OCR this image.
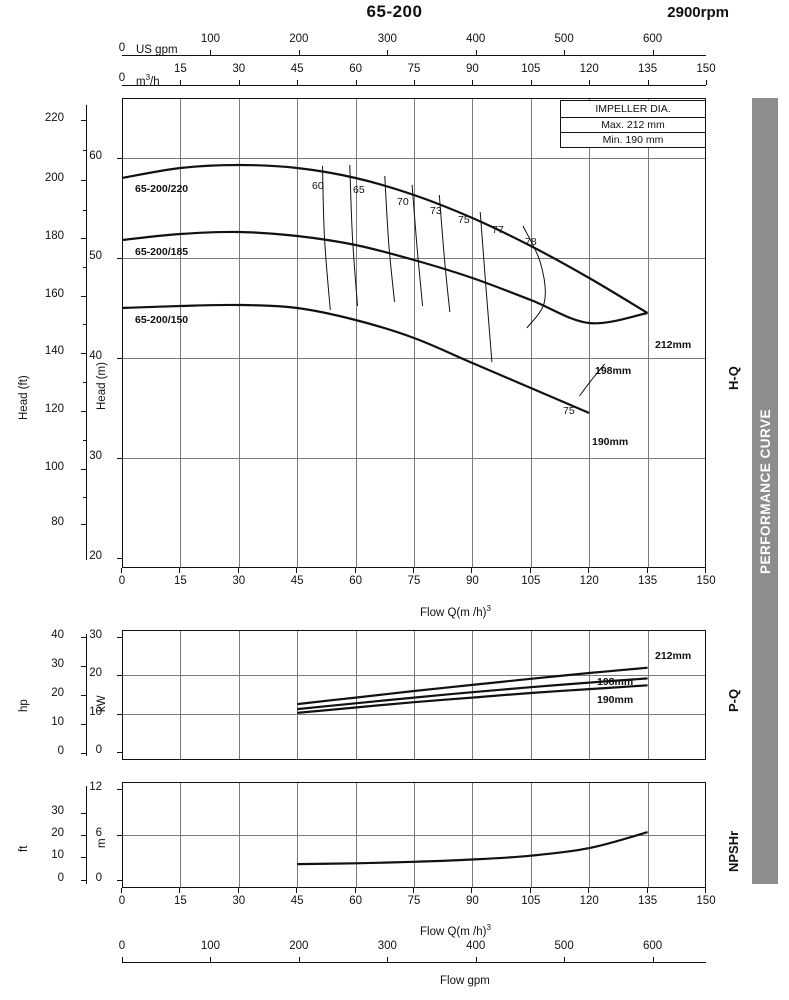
65-200	2900rpm
PERFORMANCE CURVE
100	200	300	400	500	600
US gpm
0
15	30	45	60	75	90	105	120	135	150
$m^3/h$
0
IMPELLER DIA.
Max. 212 mm
Min. 190 mm
Flow Q(m /h)$^3$
Head (ft)	Head (m)	H-Q
hp	kW	P-Q
ft
m	NPSHr
Flow Q(m /h)$^3$
0	100	200	300	400	500	600
Flow gpm
0	15	30	45	60	75	90	105	120	135	150
20
30
40
50
60
80
100
120
140
160
180
200
220
65-200/220
65-200/185
65-200/150
212mm
198mm
190mm
60	65
70
73
75
77
78
75
0
10
20
30
0
10
20
30
40
212mm
198mm
190mm
0
6
12
0
10
20
30
0	15	30	45	60	75	90	105	120	135	150
